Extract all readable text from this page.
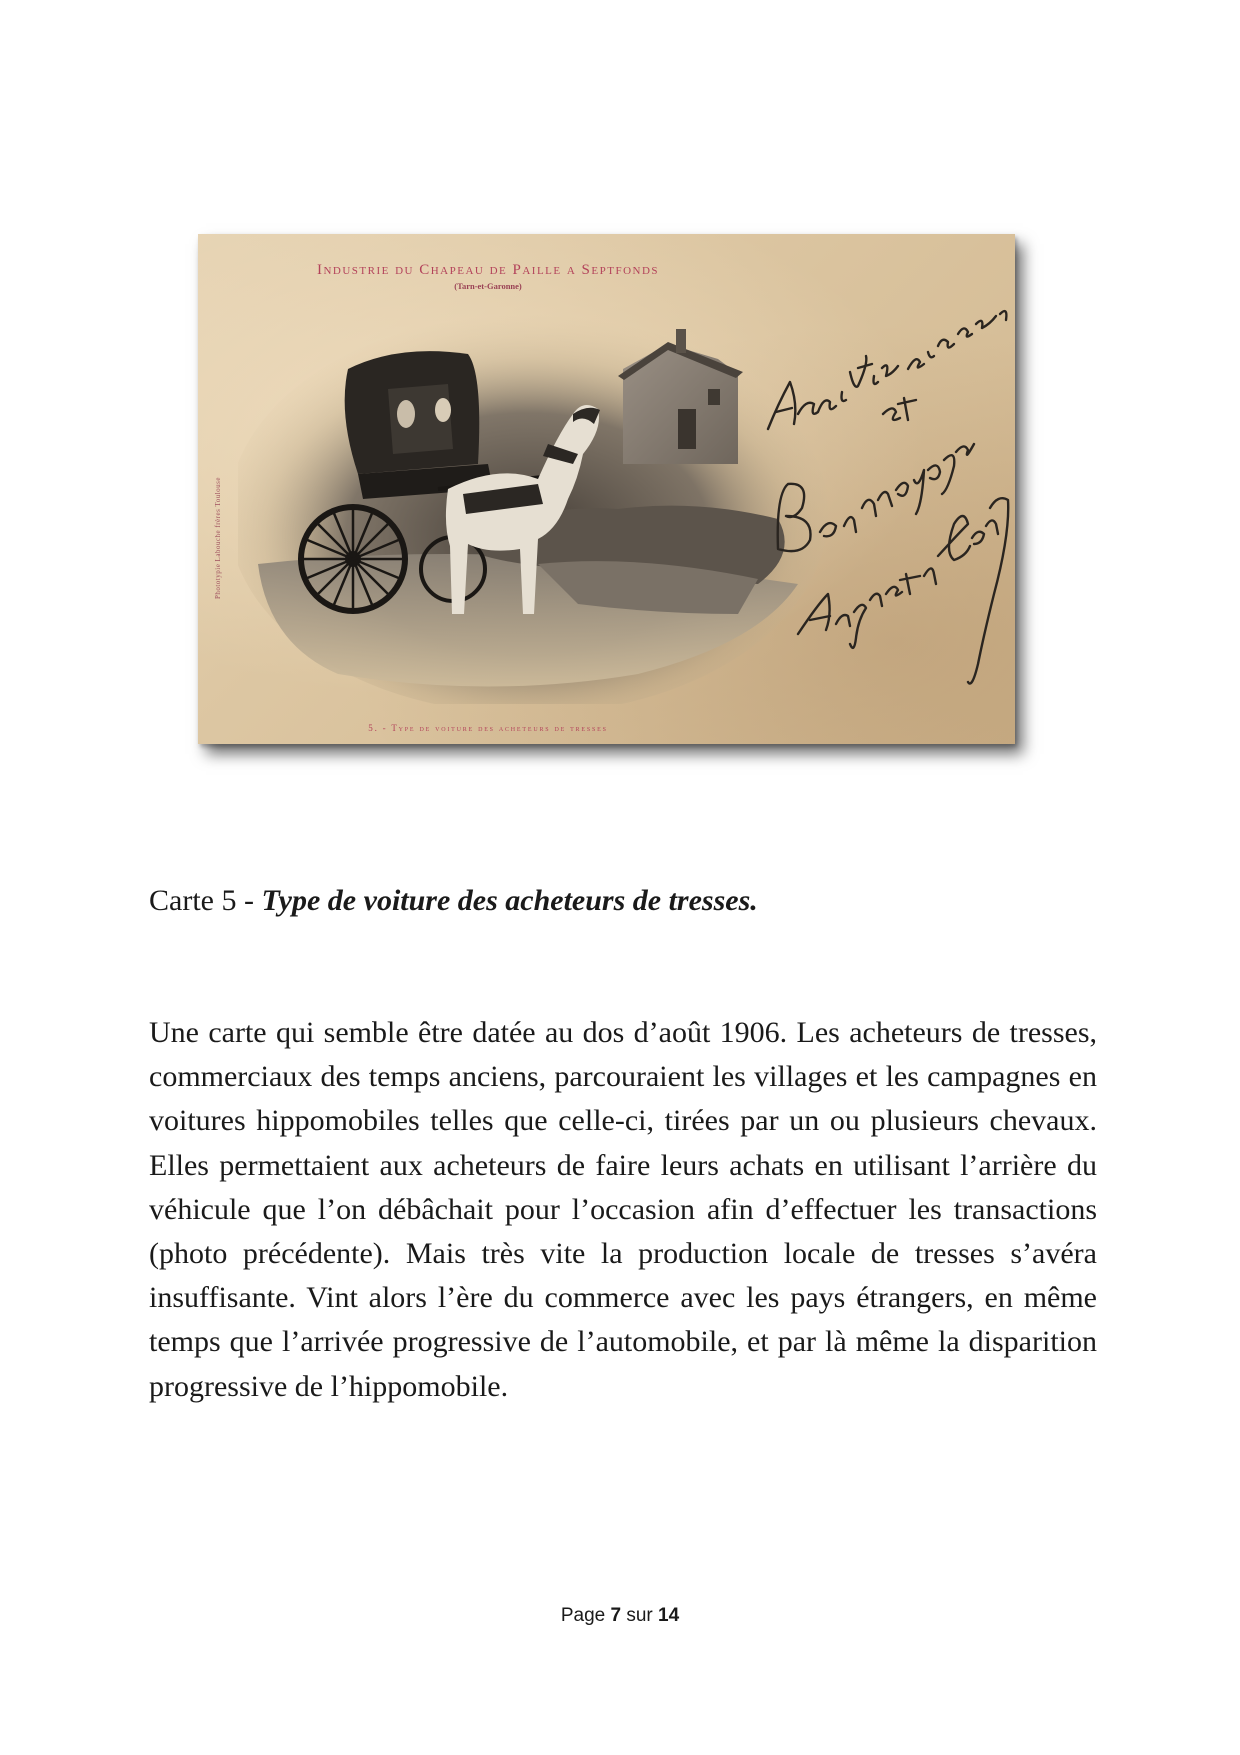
Industrie du Chapeau de Paille a Septfonds
(Tarn-et-Garonne)
Phototypie Labouche frères Toulouse
5. - Type de voiture des acheteurs de tresses
Carte 5 - Type de voiture des acheteurs de tresses.

Une carte qui semble être datée au dos d’août 1906. Les acheteurs de tresses, commerciaux des temps anciens, parcouraient les villages et les campagnes en voitures hippomobiles telles que celle-ci, tirées par un ou plusieurs chevaux. Elles permettaient aux acheteurs de faire leurs achats en utilisant l’arrière du véhicule que l’on débâchait pour l’occasion afin d’effectuer les transactions (photo précédente). Mais très vite la production locale de tresses s’avéra insuffisante. Vint alors l’ère du commerce avec les pays étrangers, en même temps que l’arrivée progressive de l’automobile, et par là même la disparition progressive de l’hippomobile.

Page 7 sur 14
